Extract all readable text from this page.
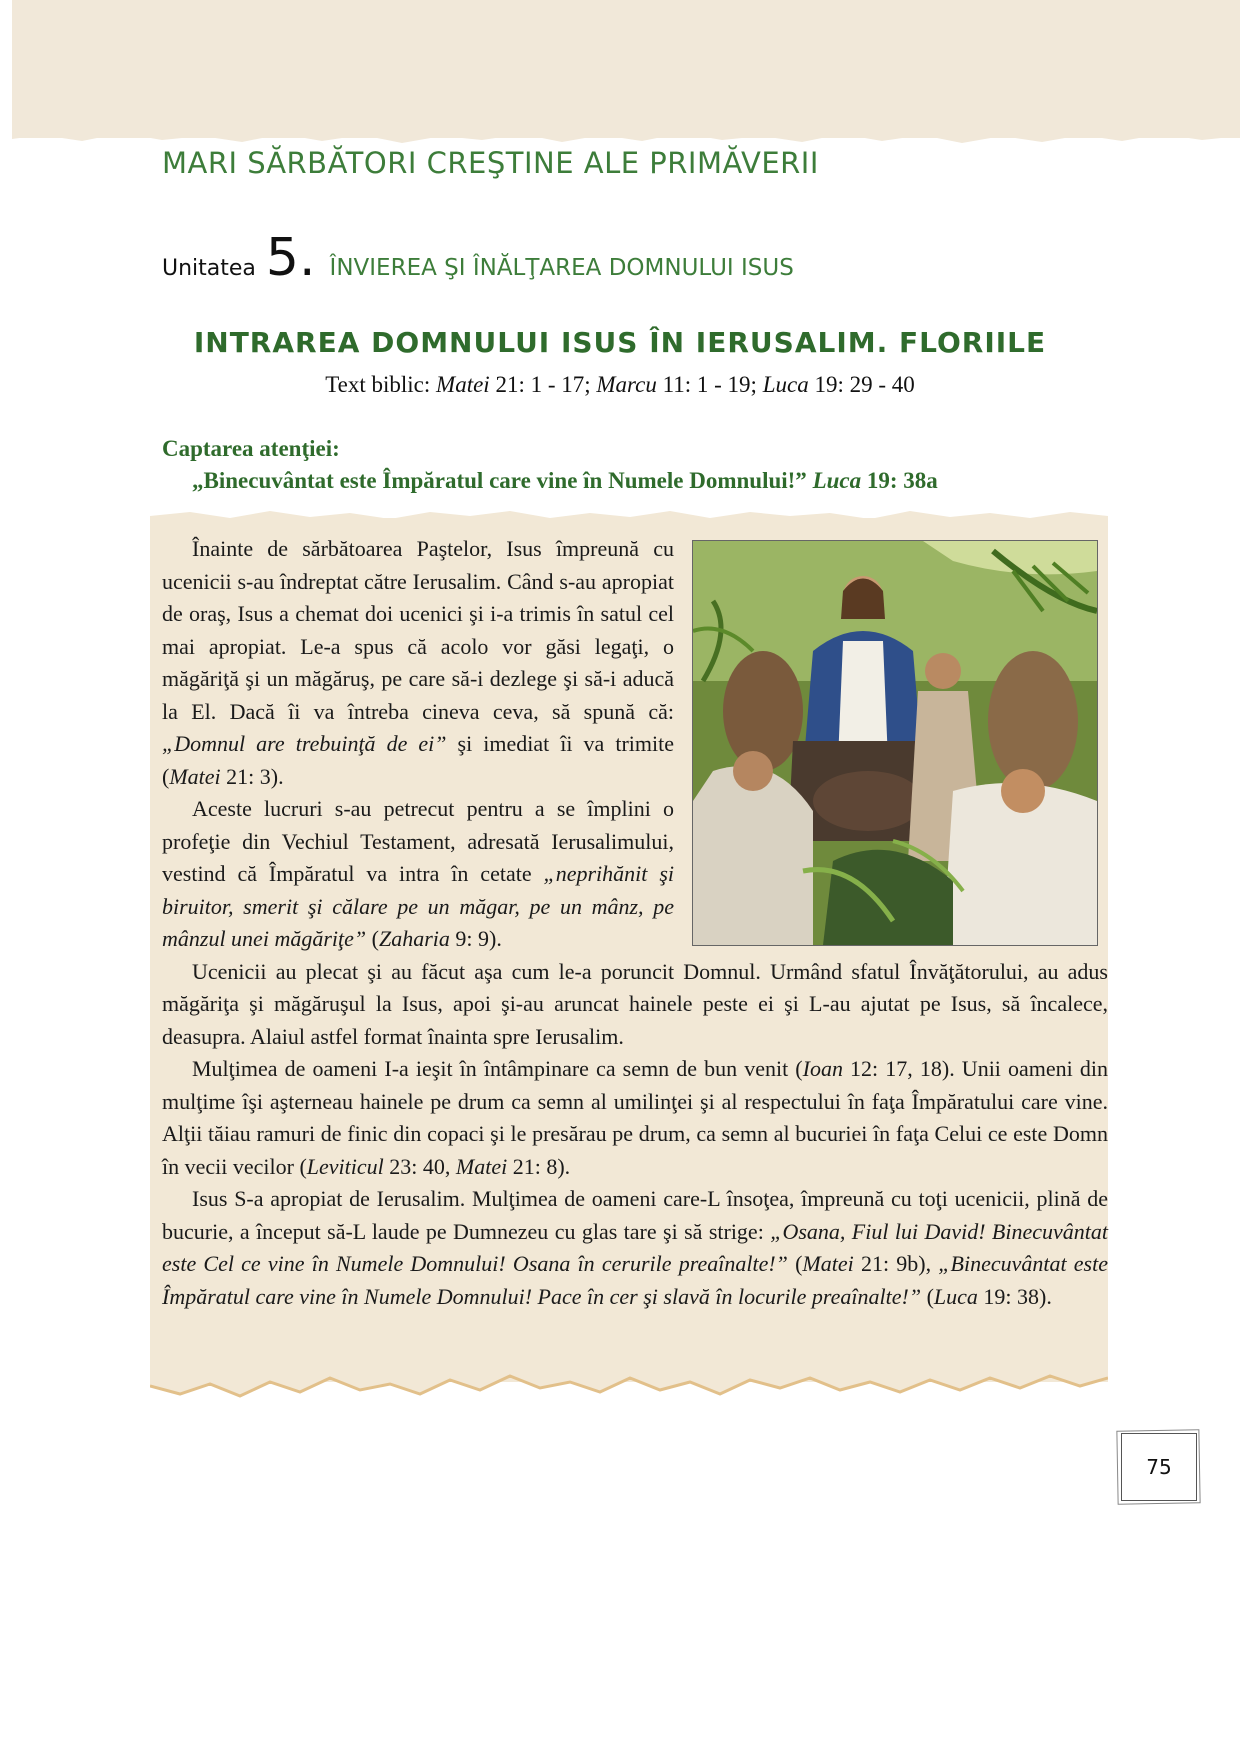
MARI SĂRBĂTORI CREŞTINE ALE PRIMĂVERII
Unitatea 5 . ÎNVIEREA ŞI ÎNĂLŢAREA DOMNULUI ISUS
INTRAREA DOMNULUI ISUS ÎN IERUSALIM. FLORIILE
Text biblic: Matei 21: 1 - 17; Marcu 11: 1 - 19; Luca 19: 29 - 40
Captarea atenţiei:
„Binecuvântat este Împăratul care vine în Numele Domnului!” Luca 19: 38a

Înainte de sărbătoarea Paştelor, Isus împreună cu ucenicii s-au îndreptat către Ierusalim. Când s-au apropiat de oraş, Isus a chemat doi ucenici şi i-a trimis în satul cel mai apropiat. Le-a spus că acolo vor găsi legaţi, o măgăriţă şi un măgăruş, pe care să-i dezlege şi să-i aducă la El. Dacă îi va întreba cineva ceva, să spună că: „Domnul are trebuinţă de ei” şi imediat îi va trimite (Matei 21: 3).

Aceste lucruri s-au petrecut pentru a se împlini o profeţie din Vechiul Testament, adresată Ierusalimului, vestind că Împăratul va intra în cetate „neprihănit şi biruitor, smerit şi călare pe un măgar, pe un mânz, pe mânzul unei măgăriţe” (Zaharia 9: 9).

Ucenicii au plecat şi au făcut aşa cum le-a poruncit Domnul. Urmând sfatul Învăţătorului, au adus măgăriţa şi măgăruşul la Isus, apoi şi-au aruncat hainele peste ei şi L-au ajutat pe Isus, să încalece, deasupra. Alaiul astfel format înainta spre Ierusalim.

Mulţimea de oameni I-a ieşit în întâmpinare ca semn de bun venit (Ioan 12: 17, 18). Unii oameni din mulţime îşi aşterneau hainele pe drum ca semn al umilinţei şi al respectului în faţa Împăratului care vine. Alţii tăiau ramuri de finic din copaci şi le presărau pe drum, ca semn al bucuriei în faţa Celui ce este Domn în vecii vecilor (Leviticul 23: 40, Matei 21: 8).

Isus S-a apropiat de Ierusalim. Mulţimea de oameni care-L însoţea, împreună cu toţi ucenicii, plină de bucurie, a început să-L laude pe Dumnezeu cu glas tare şi să strige: „Osana, Fiul lui David! Binecuvântat este Cel ce vine în Numele Domnului! Osana în cerurile preaînalte!” (Matei 21: 9b), „Binecuvântat este Împăratul care vine în Numele Domnului! Pace în cer şi slavă în locurile preaînalte!” (Luca 19: 38).

75
